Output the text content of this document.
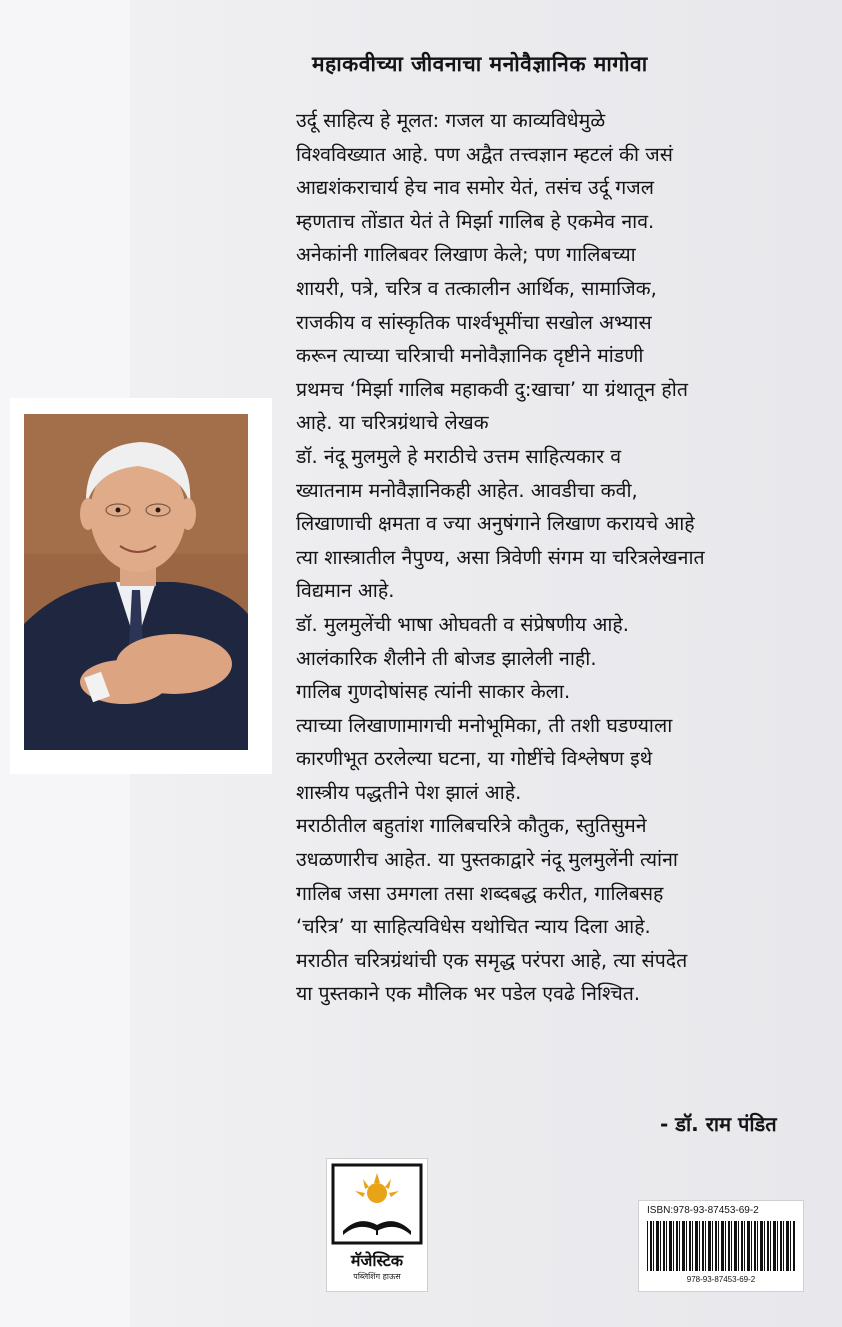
महाकवीच्या जीवनाचा मनोवैज्ञानिक मागोवा
उर्दू साहित्य हे मूलत: गजल या काव्यविधेमुळे
विश्वविख्यात आहे. पण अद्वैत तत्त्वज्ञान म्हटलं की जसं
आद्यशंकराचार्य हेच नाव समोर येतं, तसंच उर्दू गजल
म्हणताच तोंडात येतं ते मिर्झा गालिब हे एकमेव नाव.
अनेकांनी गालिबवर लिखाण केले; पण गालिबच्या
शायरी, पत्रे, चरित्र व तत्कालीन आर्थिक, सामाजिक,
राजकीय व सांस्कृतिक पार्श्वभूमींचा सखोल अभ्यास
करून त्याच्या चरित्राची मनोवैज्ञानिक दृष्टीने मांडणी
प्रथमच ‘मिर्झा गालिब महाकवी दु:खाचा’ या ग्रंथातून होत
आहे. या चरित्रग्रंथाचे लेखक
डॉ. नंदू मुलमुले हे मराठीचे उत्तम साहित्यकार व
ख्यातनाम मनोवैज्ञानिकही आहेत. आवडीचा कवी,
लिखाणाची क्षमता व ज्या अनुषंगाने लिखाण करायचे आहे
त्या शास्त्रातील नैपुण्य, असा त्रिवेणी संगम या चरित्रलेखनात
विद्यमान आहे.
डॉ. मुलमुलेंची भाषा ओघवती व संप्रेषणीय आहे.
आलंकारिक शैलीने ती बोजड झालेली नाही.
गालिब गुणदोषांसह त्यांनी साकार केला.
त्याच्या लिखाणामागची मनोभूमिका, ती तशी घडण्याला
कारणीभूत ठरलेल्या घटना, या गोष्टींचे विश्लेषण इथे
शास्त्रीय पद्धतीने पेश झालं आहे.
मराठीतील बहुतांश गालिबचरित्रे कौतुक, स्तुतिसुमने
उधळणारीच आहेत. या पुस्तकाद्वारे नंदू मुलमुलेंनी त्यांना
गालिब जसा उमगला तसा शब्दबद्ध करीत, गालिबसह
‘चरित्र’ या साहित्यविधेस यथोचित न्याय दिला आहे.
मराठीत चरित्रग्रंथांची एक समृद्ध परंपरा आहे, त्या संपदेत
या पुस्तकाने एक मौलिक भर पडेल एवढे निश्चित.
- डॉ. राम पंडित
मॅजेस्टिक
पब्लिशिंग हाऊस
ISBN:978-93-87453-69-2
978-93-87453-69-2
